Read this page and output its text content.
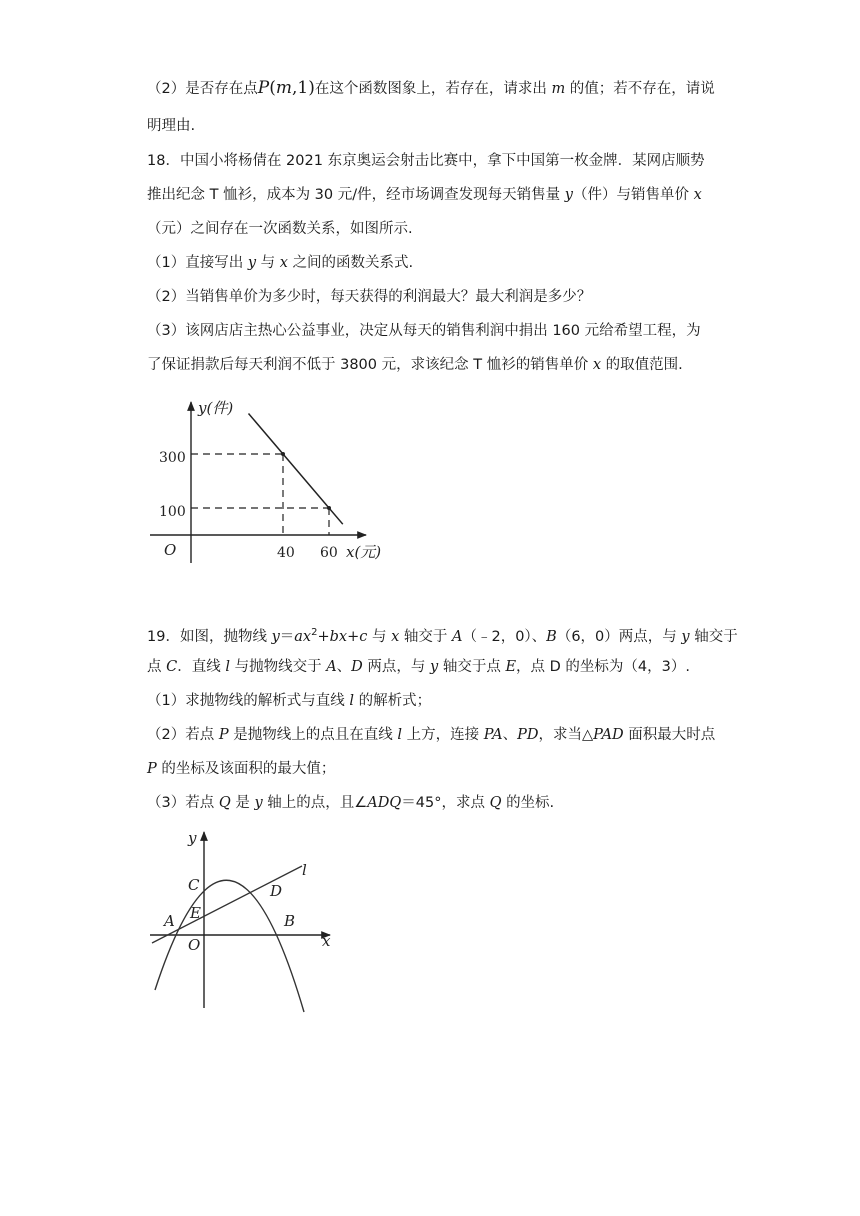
（2）是否存在点P(m,1)在这个函数图象上，若存在，请求出 m 的值；若不存在，请说
明理由.
18．中国小将杨倩在 2021 东京奥运会射击比赛中，拿下中国第一枚金牌．某网店顺势
推出纪念 T 恤衫，成本为 30 元/件，经市场调查发现每天销售量 y（件）与销售单价 x
（元）之间存在一次函数关系，如图所示.
（1）直接写出 y 与 x 之间的函数关系式.
（2）当销售单价为多少时，每天获得的利润最大？最大利润是多少？
（3）该网店店主热心公益事业，决定从每天的销售利润中捐出 160 元给希望工程，为
了保证捐款后每天利润不低于 3800 元，求该纪念 T 恤衫的销售单价 x 的取值范围.
y(件)
x(元)
O
300
100
40 60
y
x
l
C	D
A E	B
O
19．如图，抛物线 $y=ax^2+bx+c$ 与 x 轴交于 A（﹣2，0）、B（6，0）两点，与 y 轴交于
点 C．直线 l 与抛物线交于 A、D 两点，与 y 轴交于点 E，点 D 的坐标为（4，3）.
（1）求抛物线的解析式与直线 l 的解析式；
（2）若点 P 是抛物线上的点且在直线 l 上方，连接 PA、PD，求当△PAD 面积最大时点
P 的坐标及该面积的最大值；
（3）若点 Q 是 y 轴上的点，且∠ADQ＝45°，求点 Q 的坐标.
